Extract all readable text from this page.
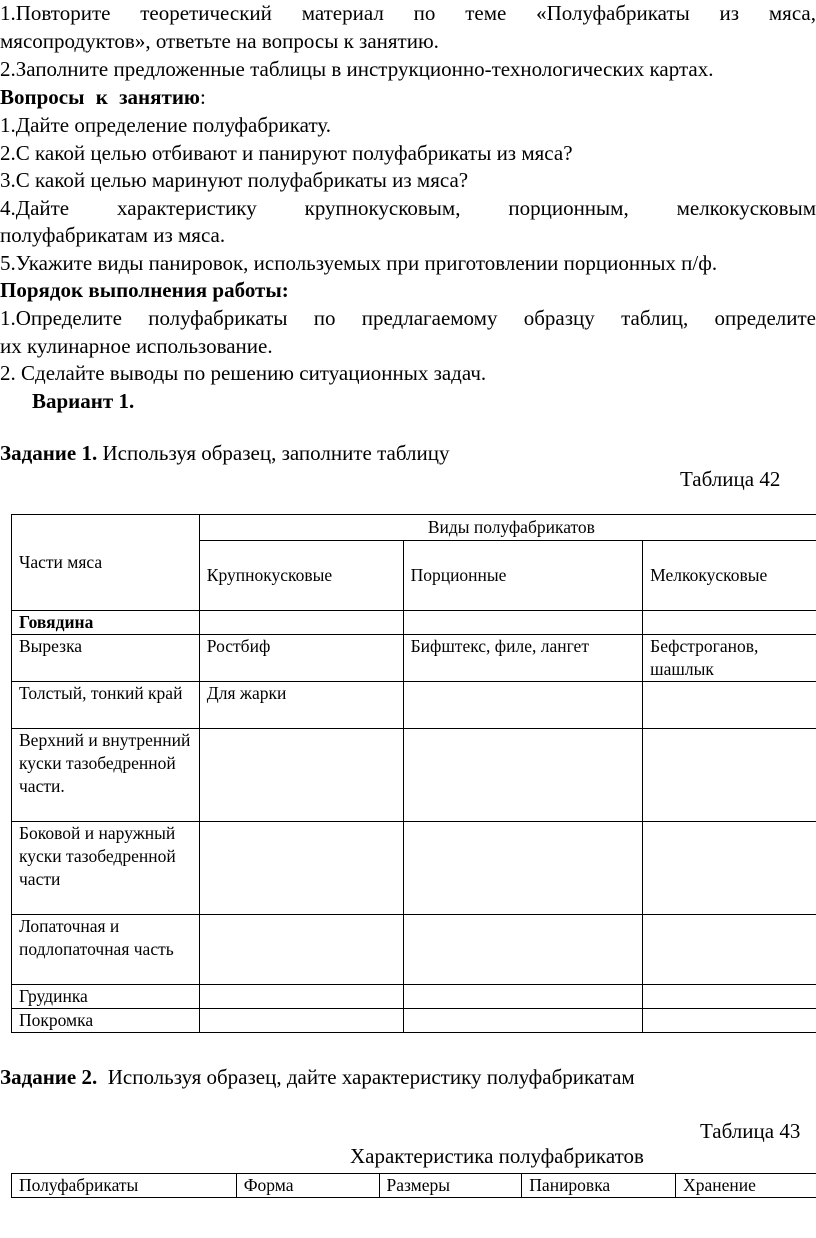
1.Повторите теоретический материал по теме «Полуфабрикаты из мяса,
мясопродуктов», ответьте на вопросы к занятию.
2.Заполните предложенные таблицы в инструкционно-технологических картах.
Вопросы к занятию:
1.Дайте определение полуфабрикату.
2.С какой целью отбивают и панируют полуфабрикаты из мяса?
3.С какой целью маринуют полуфабрикаты из мяса?
4.Дайте характеристику крупнокусковым, порционным, мелкокусковым
полуфабрикатам из мяса.
5.Укажите виды панировок, используемых при приготовлении порционных п/ф.
Порядок выполнения работы:
1.Определите полуфабрикаты по предлагаемому образцу таблиц, определите
их кулинарное использование.
2. Сделайте выводы по решению ситуационных задач.
Вариант 1.
Задание 1. Используя образец, заполните таблицу
Таблица 42
Части мяса	Виды полуфабрикатов		
	Крупнокусковые	Порционные	Мелкокусковые
Говядина			
Вырезка	Ростбиф	Бифштекс, филе, лангет	Бефстроганов, шашлык
Толстый, тонкий край	Для жарки		
Верхний и внутренний куски тазобедренной части.			
Боковой и наружный куски тазобедренной части			
Лопаточная и подлопаточная часть			
Грудинка			
Покромка			
Задание 2.  Используя образец, дайте характеристику полуфабрикатам
Таблица 43
Характеристика полуфабрикатов
Полуфабрикаты	Форма	Размеры	Панировка	Хранение
